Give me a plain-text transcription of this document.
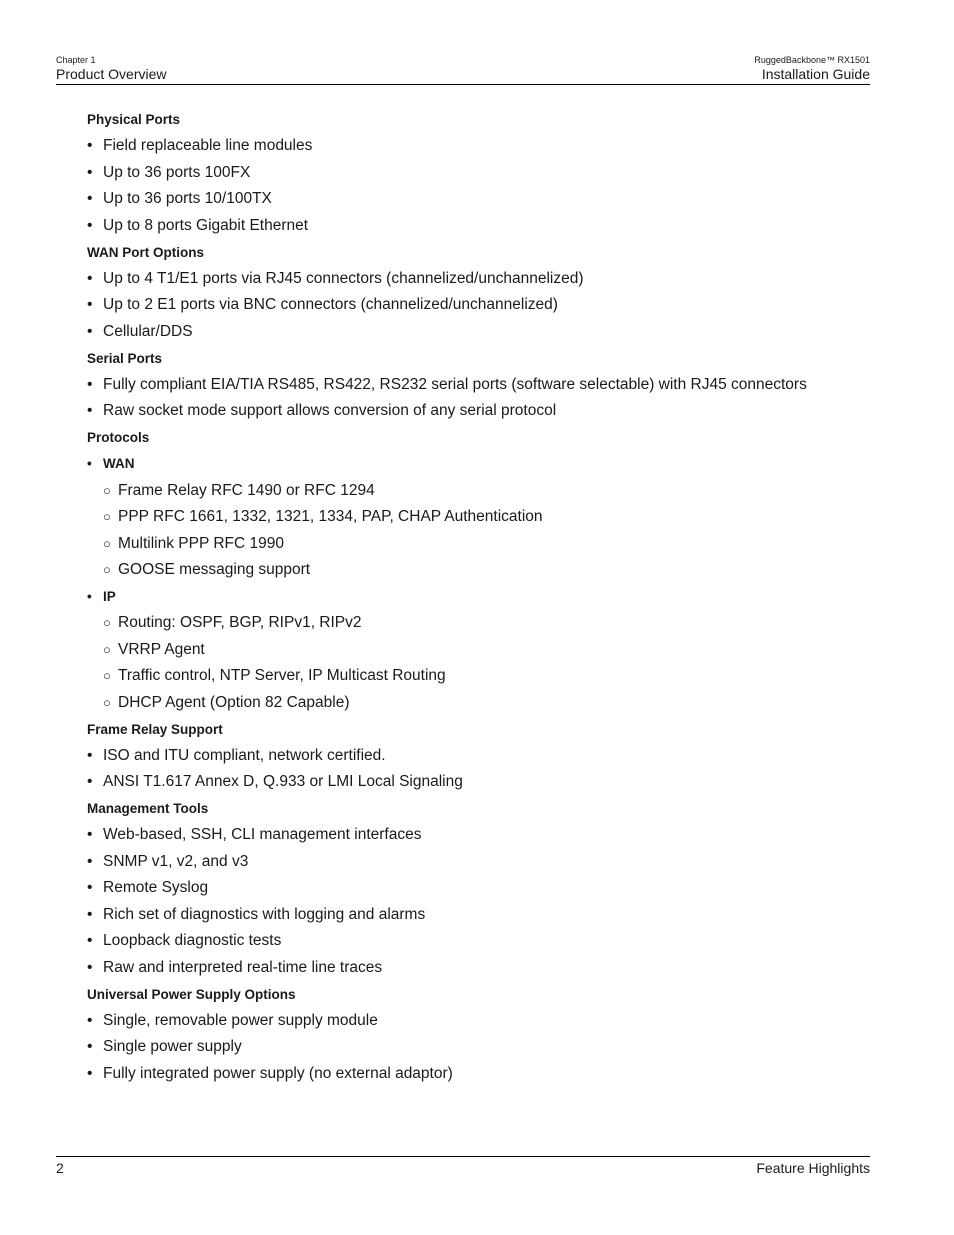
Chapter 1
Product Overview
RuggedBackbone™ RX1501
Installation Guide
Physical Ports
• Field replaceable line modules
• Up to 36 ports 100FX
• Up to 36 ports 10/100TX
• Up to 8 ports Gigabit Ethernet
WAN Port Options
• Up to 4 T1/E1 ports via RJ45 connectors (channelized/unchannelized)
• Up to 2 E1 ports via BNC connectors (channelized/unchannelized)
• Cellular/DDS
Serial Ports
• Fully compliant EIA/TIA RS485, RS422, RS232 serial ports (software selectable) with RJ45 connectors
• Raw socket mode support allows conversion of any serial protocol
Protocols
• WAN
○ Frame Relay RFC 1490 or RFC 1294
○ PPP RFC 1661, 1332, 1321, 1334, PAP, CHAP Authentication
○ Multilink PPP RFC 1990
○ GOOSE messaging support
• IP
○ Routing: OSPF, BGP, RIPv1, RIPv2
○ VRRP Agent
○ Traffic control, NTP Server, IP Multicast Routing
○ DHCP Agent (Option 82 Capable)
Frame Relay Support
• ISO and ITU compliant, network certified.
• ANSI T1.617 Annex D, Q.933 or LMI Local Signaling
Management Tools
• Web-based, SSH, CLI management interfaces
• SNMP v1, v2, and v3
• Remote Syslog
• Rich set of diagnostics with logging and alarms
• Loopback diagnostic tests
• Raw and interpreted real-time line traces
Universal Power Supply Options
• Single, removable power supply module
• Single power supply
• Fully integrated power supply (no external adaptor)
2	Feature Highlights
